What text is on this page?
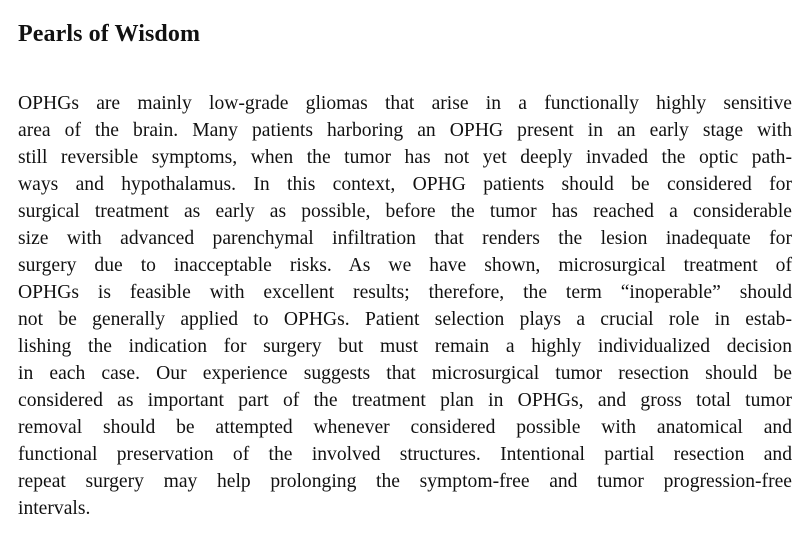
Pearls of Wisdom
OPHGs are mainly low-grade gliomas that arise in a functionally highly sensitive
area of the brain. Many patients harboring an OPHG present in an early stage with
still reversible symptoms, when the tumor has not yet deeply invaded the optic path-
ways and hypothalamus. In this context, OPHG patients should be considered for
surgical treatment as early as possible, before the tumor has reached a considerable
size with advanced parenchymal infiltration that renders the lesion inadequate for
surgery due to inacceptable risks. As we have shown, microsurgical treatment of
OPHGs is feasible with excellent results; therefore, the term “inoperable” should
not be generally applied to OPHGs. Patient selection plays a crucial role in estab-
lishing the indication for surgery but must remain a highly individualized decision
in each case. Our experience suggests that microsurgical tumor resection should be
considered as important part of the treatment plan in OPHGs, and gross total tumor
removal should be attempted whenever considered possible with anatomical and
functional preservation of the involved structures. Intentional partial resection and
repeat surgery may help prolonging the symptom-free and tumor progression-free
intervals.
